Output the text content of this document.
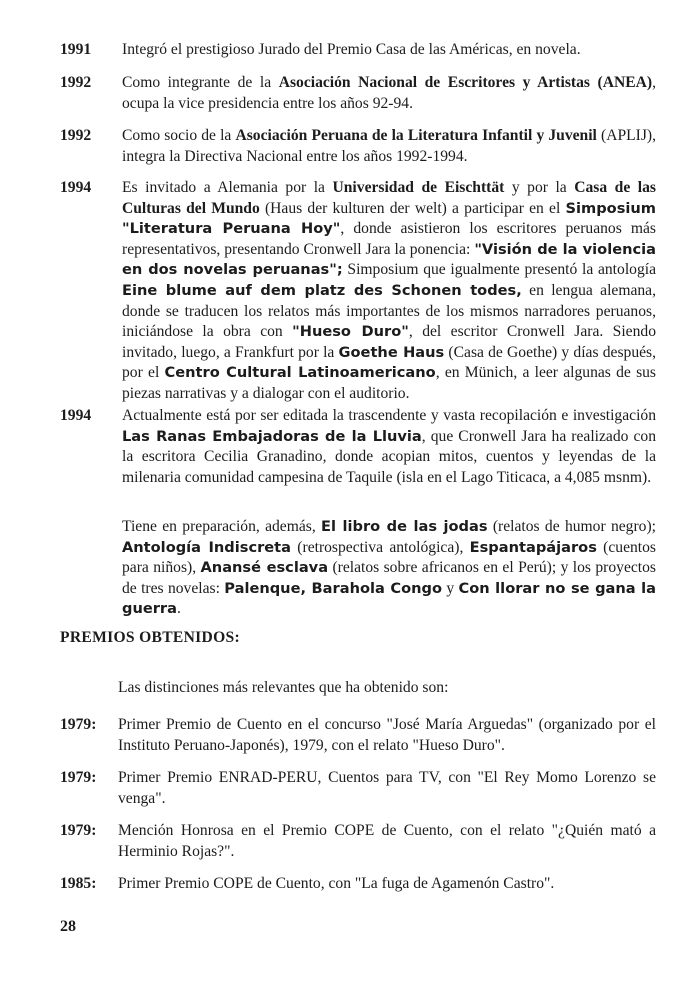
1991	Integró el prestigioso Jurado del Premio Casa de las Américas, en novela.
1992	Como integrante de la Asociación Nacional de Escritores y Artistas (ANEA), ocupa la vice presidencia entre los años 92-94.
1992	Como socio de la Asociación Peruana de la Literatura Infantil y Juvenil (APLIJ), integra la Directiva Nacional entre los años 1992-1994.
1994	Es invitado a Alemania por la Universidad de Eischttät y por la Casa de las Culturas del Mundo (Haus der kulturen der welt) a participar en el Simposium "Literatura Peruana Hoy", donde asistieron los escritores peruanos más representativos, presentando Cronwell Jara la ponencia: "Visión de la violencia en dos novelas peruanas"; Simposium que igualmente presentó la antología Eine blume auf dem platz des Schonen todes, en lengua alemana, donde se traducen los relatos más importantes de los mismos narradores peruanos, iniciándose la obra con "Hueso Duro", del escritor Cronwell Jara. Siendo invitado, luego, a Frankfurt por la Goethe Haus (Casa de Goethe) y días después, por el Centro Cultural Latinoamericano, en Münich, a leer algunas de sus piezas narrativas y a dialogar con el auditorio.
1994	Actualmente está por ser editada la trascendente y vasta recopilación e investigación Las Ranas Embajadoras de la Lluvia, que Cronwell Jara ha realizado con la escritora Cecilia Granadino, donde acopian mitos, cuentos y leyendas de la milenaria comunidad campesina de Taquile (isla en el Lago Titicaca, a 4,085 msnm).
Tiene en preparación, además, El libro de las jodas (relatos de humor negro); Antología Indiscreta (retrospectiva antológica), Espantapájaros (cuentos para niños), Anansé esclava (relatos sobre africanos en el Perú); y los proyectos de tres novelas: Palenque, Barahola Congo y Con llorar no se gana la guerra.
PREMIOS OBTENIDOS:
Las distinciones más relevantes que ha obtenido son:
1979:	Primer Premio de Cuento en el concurso "José María Arguedas" (organizado por el Instituto Peruano-Japonés), 1979, con el relato "Hueso Duro".
1979:	Primer Premio ENRAD-PERU, Cuentos para TV, con "El Rey Momo Lorenzo se venga".
1979:	Mención Honrosa en el Premio COPE de Cuento, con el relato "¿Quién mató a Herminio Rojas?".
1985:	Primer Premio COPE de Cuento, con "La fuga de Agamenón Castro".
28
